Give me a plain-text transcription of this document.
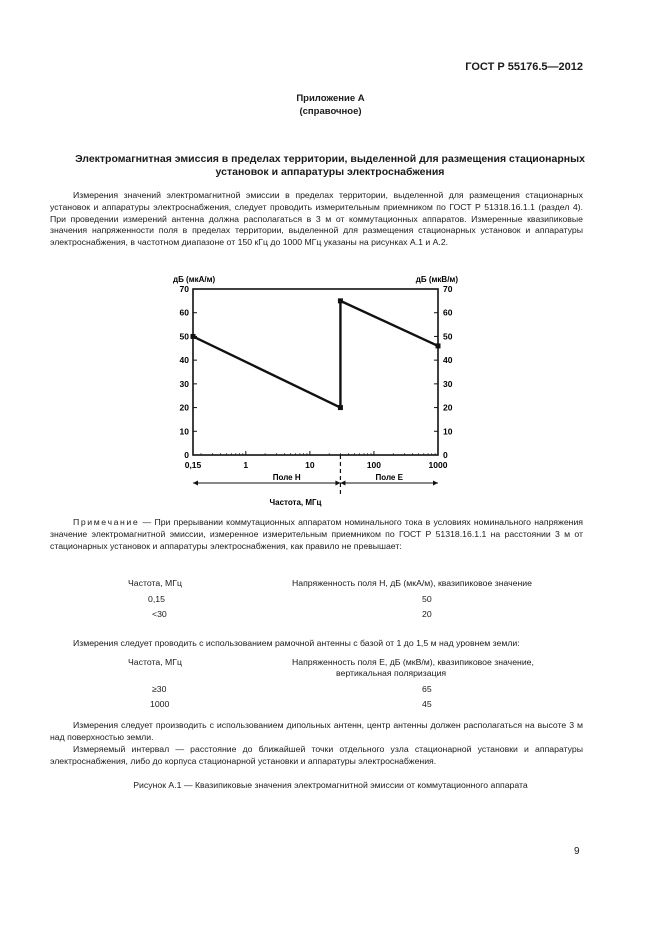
ГОСТ Р 55176.5—2012
Приложение А
(справочное)
Электромагнитная эмиссия в пределах территории, выделенной для размещения стационарных установок и аппаратуры электроснабжения
Измерения значений электромагнитной эмиссии в пределах территории, выделенной для размещения стационарных установок и аппаратуры электроснабжения, следует проводить измерительным приемником по ГОСТ Р 51318.16.1.1 (раздел 4). При проведении измерений антенна должна располагаться в 3 м от коммутационных аппаратов. Измеренные квазипиковые значения напряженности поля в пределах территории, выделенной для размещения стационарных установок и аппаратуры электроснабжения, в частотном диапазоне от 150 кГц до 1000 МГц указаны на рисунках А.1 и А.2.
0	0
10	10
20	20
30	30
40	40
50	50
60	60
70	70
дБ (мкА/м)	дБ (мкВ/м)
0,15	1	10	100	1000
Поле Н	Поле Е
Частота, МГц
Примечание — При прерывании коммутационных аппаратом номинального тока в условиях номинального напряжения значение электромагнитной эмиссии, измеренное измерительным приемником по ГОСТ Р 51318.16.1.1 на расстоянии 3 м от стационарных установок и аппаратуры электроснабжения, как правило не превышает:
Частота, МГц	Напряженность поля Н, дБ (мкА/м), квазипиковое значение
0,15	50
<30	20
Измерения следует проводить с использованием рамочной антенны с базой от 1 до 1,5 м над уровнем земли:
Частота, МГц	Напряженность поля Е, дБ (мкВ/м), квазипиковое значение,
вертикальная поляризация
≥30	65
1000	45
Измерения следует производить с использованием дипольных антенн, центр антенны должен располагаться на высоте 3 м над поверхностью земли.
Измеряемый интервал — расстояние до ближайшей точки отдельного узла стационарной установки и аппаратуры электроснабжения, либо до корпуса стационарной установки и аппаратуры электроснабжения.
Рисунок А.1 — Квазипиковые значения электромагнитной эмиссии от коммутационного аппарата
9
